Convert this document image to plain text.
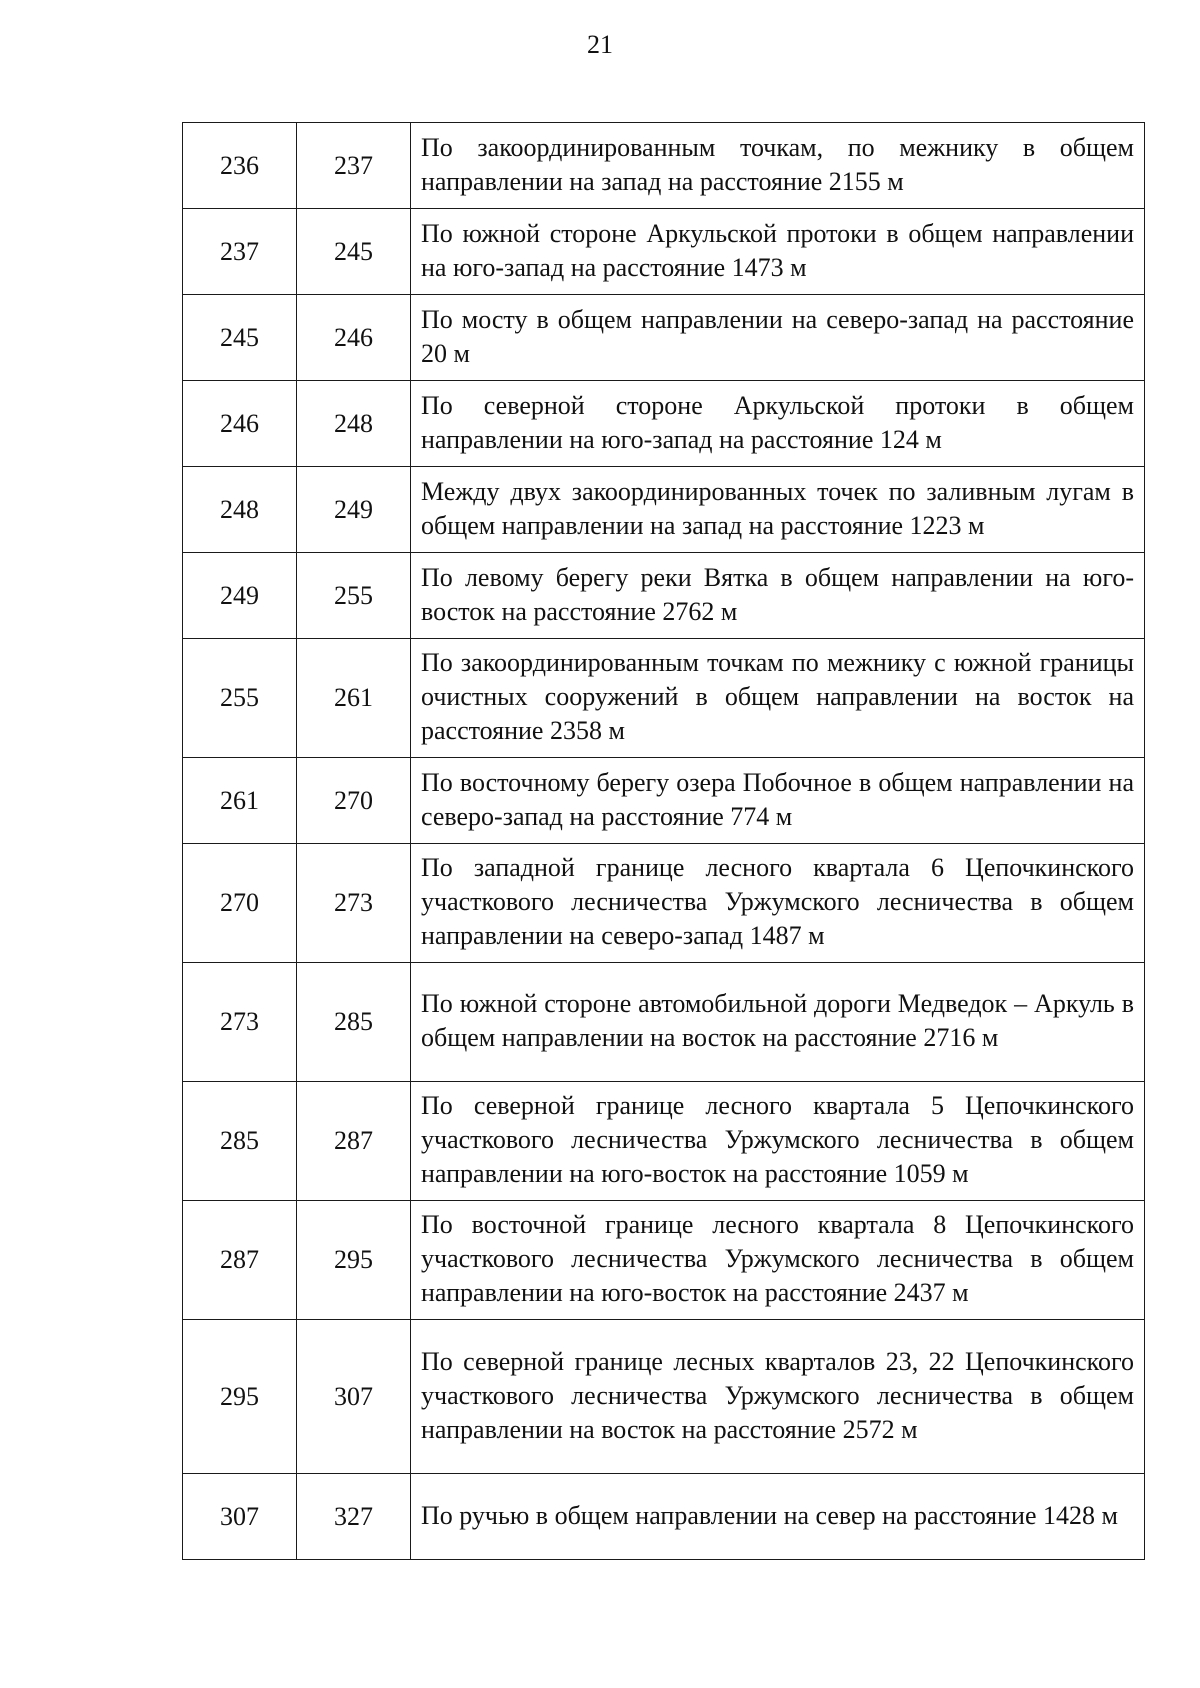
21
236	237	По закоординированным точкам, по межнику в общем направлении на запад на расстояние 2155 м
237	245	По южной стороне Аркульской протоки в общем направлении на юго-запад на расстояние 1473 м
245	246	По мосту в общем направлении на северо-запад на расстояние 20 м
246	248	По северной стороне Аркульской протоки в общем направлении на юго-запад на расстояние 124 м
248	249	Между двух закоординированных точек по заливным лугам в общем направлении на запад на расстояние 1223 м
249	255	По левому берегу реки Вятка в общем направлении на юго-восток на расстояние 2762 м
255	261	По закоординированным точкам по межнику с южной границы очистных сооружений в общем направлении на восток на расстояние 2358 м
261	270	По восточному берегу озера Побочное в общем направлении на северо-запад на расстояние 774 м
270	273	По западной границе лесного квартала 6 Цепочкинского участкового лесничества Уржумского лесничества в общем направлении на северо-запад 1487 м
273	285	По южной стороне автомобильной дороги Медведок – Аркуль в общем направлении на восток на расстояние 2716 м
285	287	По северной границе лесного квартала 5 Цепочкинского участкового лесничества Уржумского лесничества в общем направлении на юго-восток на расстояние 1059 м
287	295	По восточной границе лесного квартала 8 Цепочкинского участкового лесничества Уржумского лесничества в общем направлении на юго-восток на расстояние 2437 м
295	307	По северной границе лесных кварталов 23, 22 Цепочкинского участкового лесничества Уржумского лесничества в общем направлении на восток на расстояние 2572 м
307	327	По ручью в общем направлении на север на расстояние 1428 м
